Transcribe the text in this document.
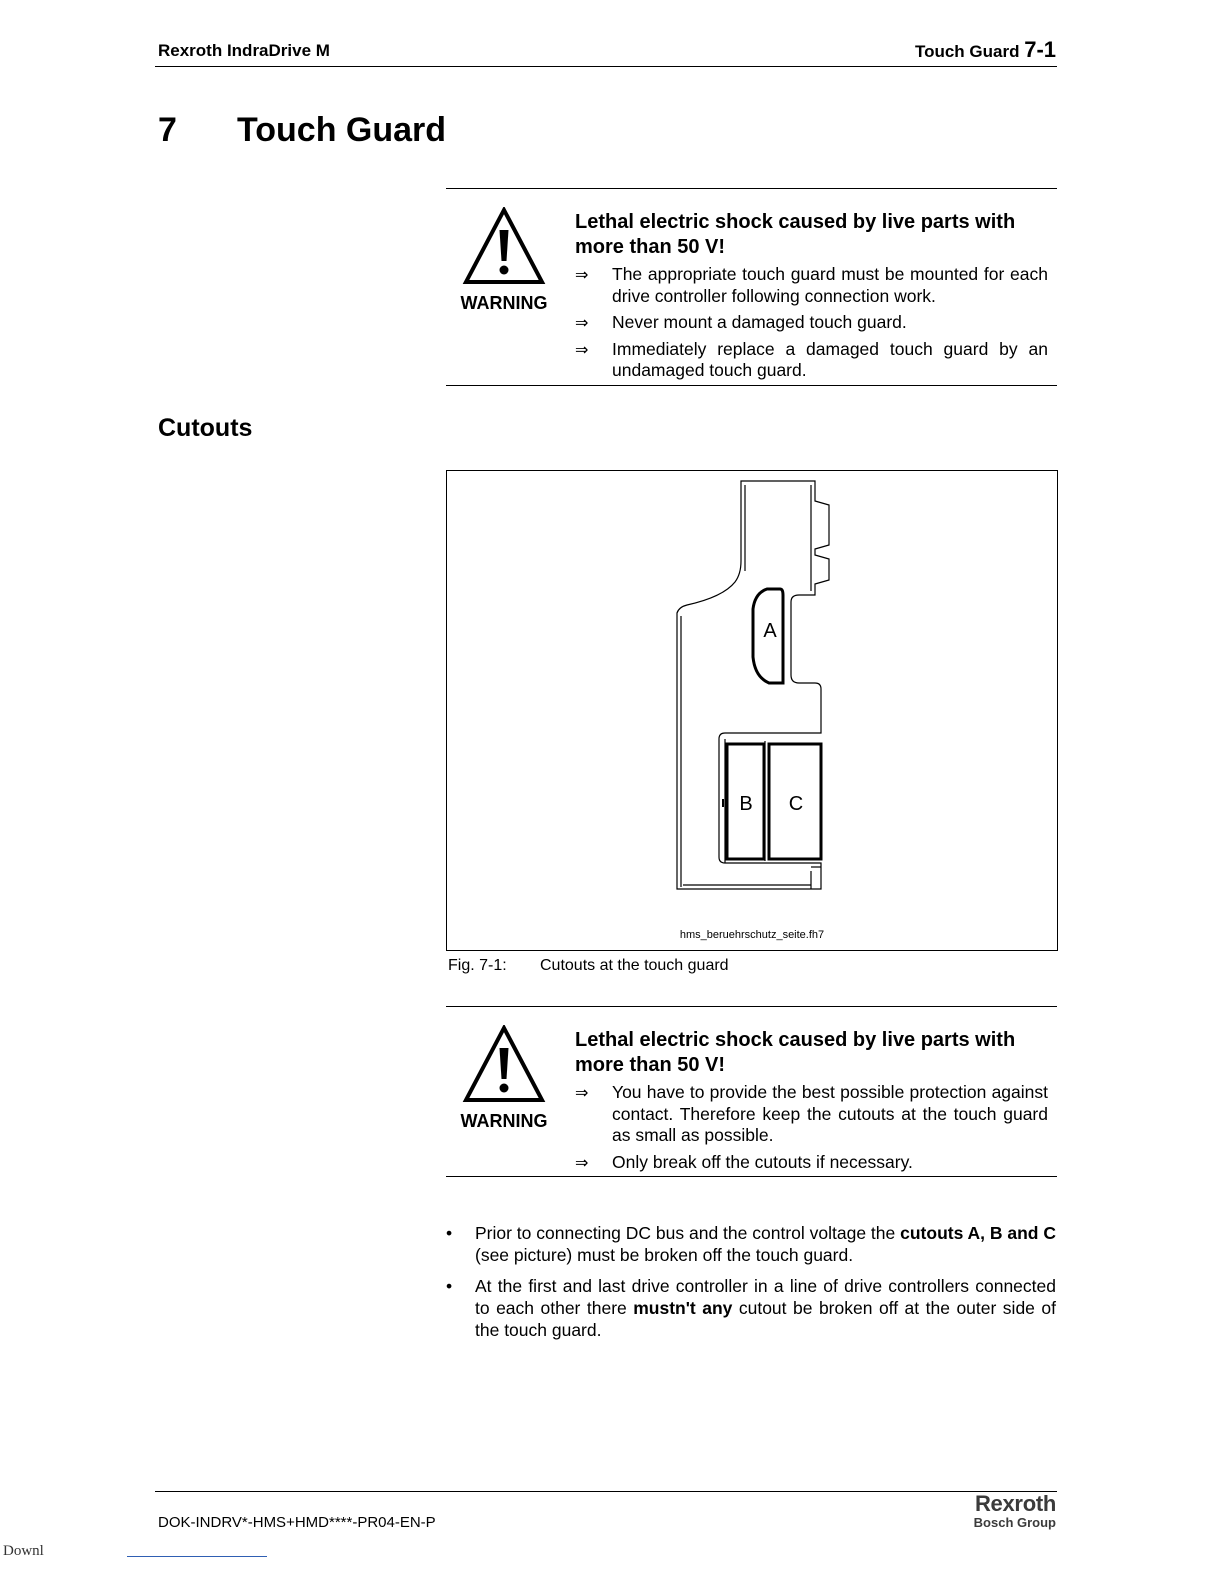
Rexroth IndraDrive M	Touch Guard 7-1
7 Touch Guard
WARNING
Lethal electric shock caused by live parts with more than 50 V!
⇒ The appropriate touch guard must be mounted for each drive controller following connection work.
⇒ Never mount a damaged touch guard.
⇒ Immediately replace a damaged touch guard by an undamaged touch guard.
Cutouts
A
B C
hms_beruehrschutz_seite.fh7
Fig. 7-1: Cutouts at the touch guard
WARNING
Lethal electric shock caused by live parts with more than 50 V!
⇒ You have to provide the best possible protection against contact. Therefore keep the cutouts at the touch guard as small as possible.
⇒ Only break off the cutouts if necessary.
• Prior to connecting DC bus and the control voltage the cutouts A, B and C (see picture) must be broken off the touch guard.
• At the first and last drive controller in a line of drive controllers connected to each other there mustn't any cutout be broken off at the outer side of the touch guard.
DOK-INDRV*-HMS+HMD****-PR04-EN-P
Rexroth
Bosch Group
Downl
